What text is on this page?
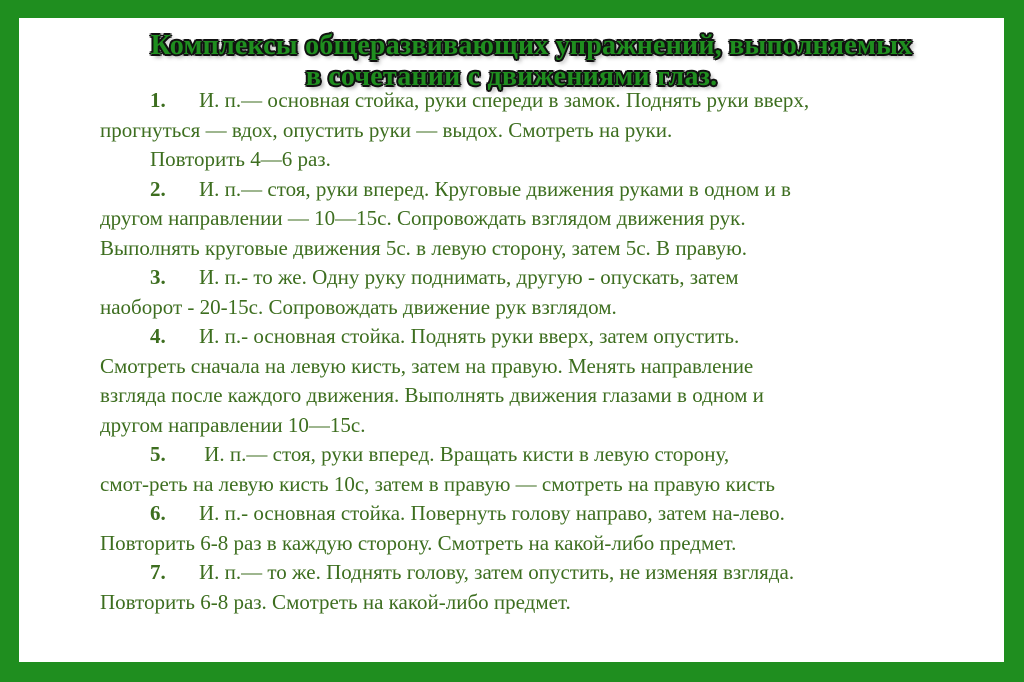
Комплексы общеразвивающих упражнений, выполняемых
в сочетании с движениями глаз.
1. И. п.— основная стойка, руки спереди в замок. Поднять руки вверх,
прогнуться — вдох, опустить руки — выдох. Смотреть на руки.
Повторить 4—6 раз.
2. И. п.— стоя, руки вперед. Круговые движения руками в одном и в
другом направлении — 10—15с. Сопровождать взглядом движения рук.
Выполнять круговые движения 5с. в левую сторону, затем 5с. В правую.
3. И. п.- то же. Одну руку поднимать, другую - опускать, затем
наоборот - 20-15с. Сопровождать движение рук взглядом.
4. И. п.- основная стойка. Поднять руки вверх, затем опустить.
Смотреть сначала на левую кисть, затем на правую. Менять направление
взгляда после каждого движения. Выполнять движения глазами в одном и
другом направлении 10—15с.
5. И. п.— стоя, руки вперед. Вращать кисти в левую сторону,
смот-реть на левую кисть 10с, затем в правую — смотреть на правую кисть
6. И. п.- основная стойка. Повернуть голову направо, затем на-лево.
Повторить 6-8 раз в каждую сторону. Смотреть на какой-либо предмет.
7. И. п.— то же. Поднять голову, затем опустить, не изменяя взгляда.
Повторить 6-8 раз. Смотреть на какой-либо предмет.
